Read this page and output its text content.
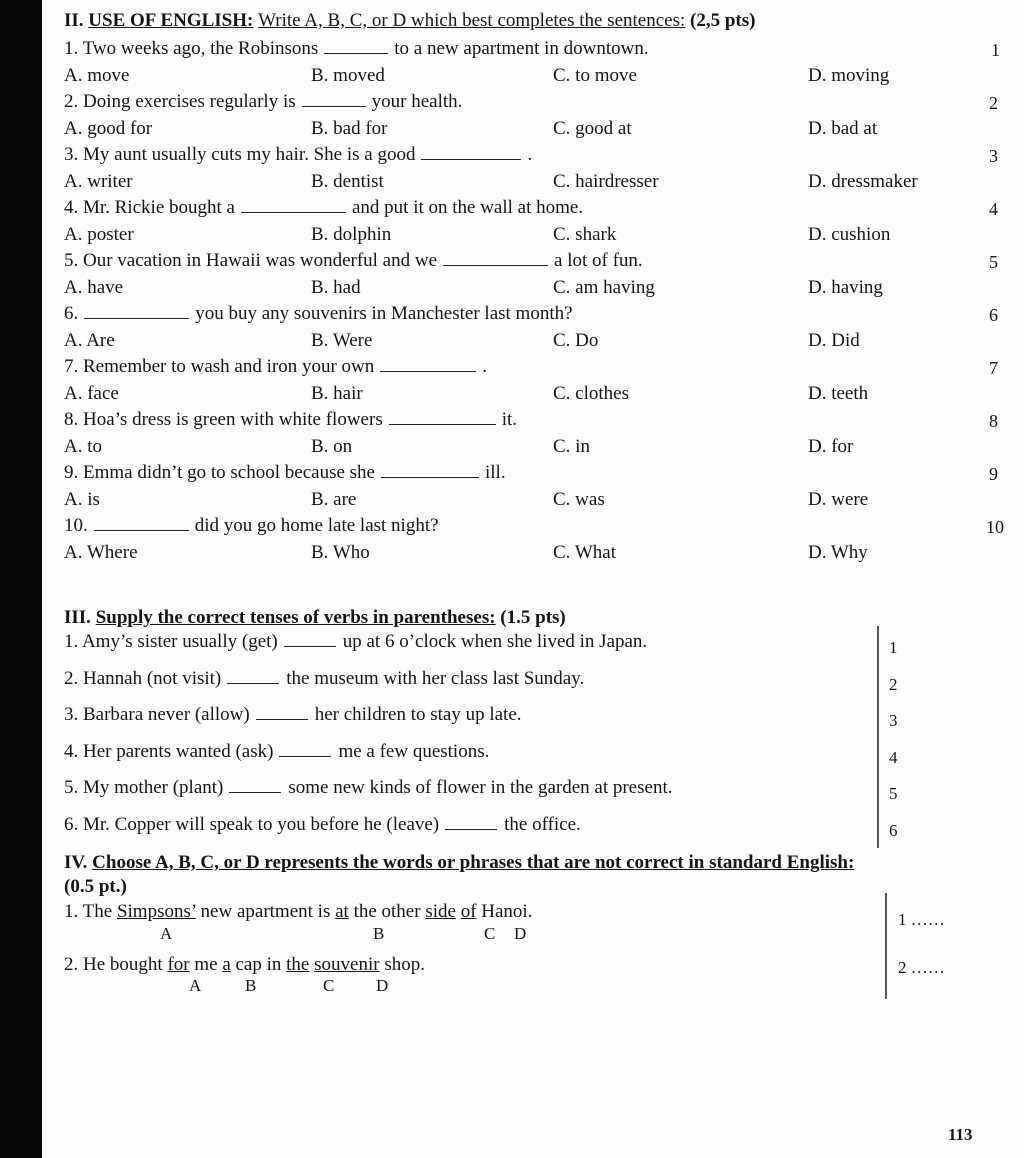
II. USE OF ENGLISH: Write A, B, C, or D which best completes the sentences: (2,5 pts)
1. Two weeks ago, the Robinsons	to a new apartment in downtown.	1
A. move	B. moved	C. to move	D. moving
2. Doing exercises regularly is	your health.	2
A. good for	B. bad for	C. good at	D. bad at
3. My aunt usually cuts my hair. She is a good	.	3
A. writer	B. dentist	C. hairdresser	D. dressmaker
4. Mr. Rickie bought a	and put it on the wall at home.	4
A. poster	B. dolphin	C. shark	D. cushion
5. Our vacation in Hawaii was wonderful and we	a lot of fun.	5
A. have	B. had	C. am having	D. having
6.	you buy any souvenirs in Manchester last month?	6
A. Are	B. Were	C. Do	D. Did
7. Remember to wash and iron your own	.	7
A. face	B. hair	C. clothes	D. teeth
8. Hoa’s dress is green with white flowers	it.	8
A. to	B. on	C. in	D. for
9. Emma didn’t go to school because she	ill.	9
A. is	B. are	C. was	D. were
10.	did you go home late last night?	10
A. Where	B. Who	C. What	D. Why
III. Supply the correct tenses of verbs in parentheses: (1.5 pts)
1. Amy’s sister usually (get)	up at 6 o’clock when she lived in Japan.	1
2. Hannah (not visit)	the museum with her class last Sunday.	2
3. Barbara never (allow)	her children to stay up late.	3
4. Her parents wanted (ask)	me a few questions.	4
5. My mother (plant)	some new kinds of flower in the garden at present.	5
6. Mr. Copper will speak to you before he (leave)	the office.	6
IV. Choose A, B, C, or D represents the words or phrases that are not correct in standard English:
(0.5 pt.)
1. The Simpsons’ new apartment is at the other side of Hanoi.
A	B	C D
1 ……
2. He bought for me a cap in the souvenir shop.
A	B	C D
2 ……
113
